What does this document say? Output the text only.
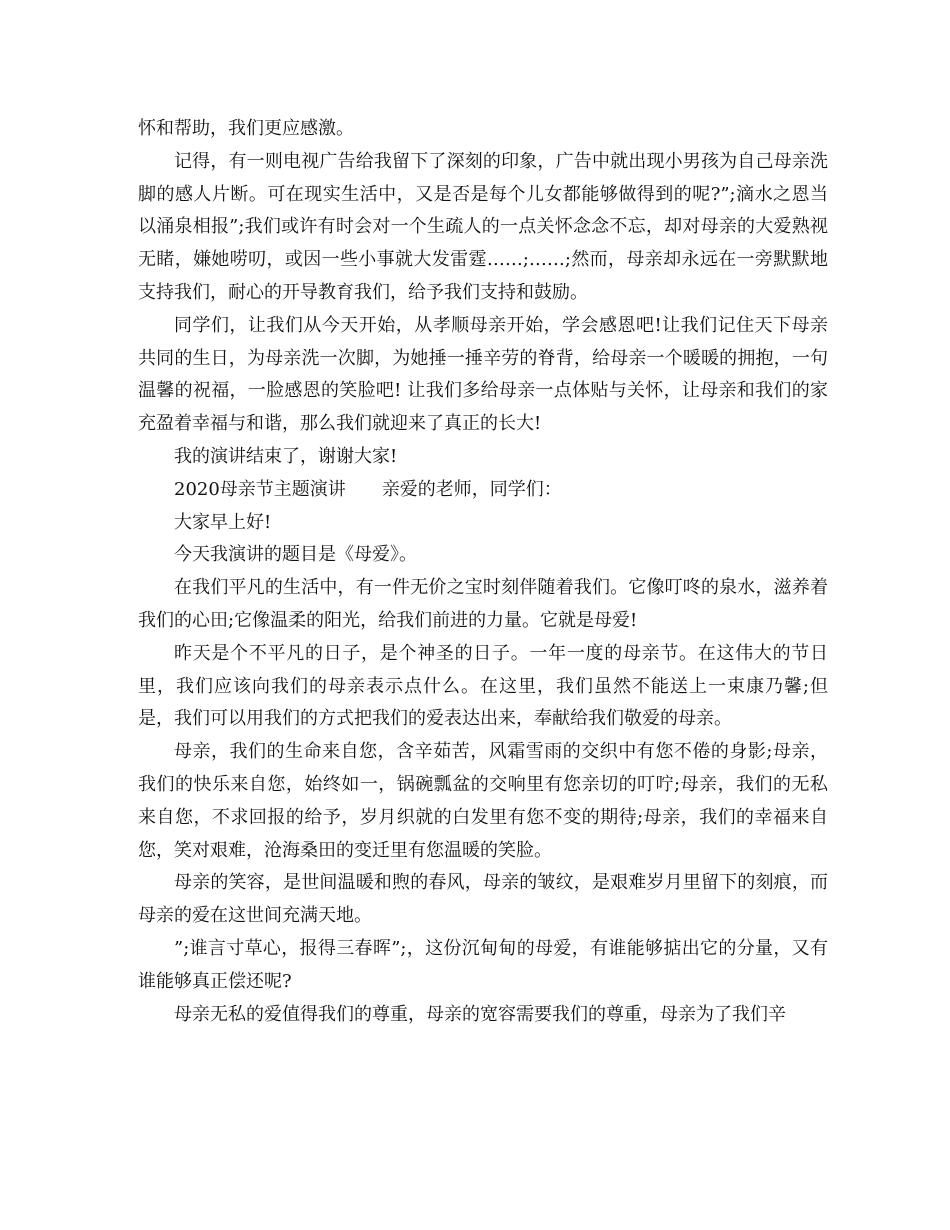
怀和帮助，我们更应感激。

记得，有一则电视广告给我留下了深刻的印象，广告中就出现小男孩为自己母亲洗脚的感人片断。可在现实生活中，又是否是每个儿女都能够做得到的呢?”;滴水之恩当以涌泉相报”;我们或许有时会对一个生疏人的一点关怀念念不忘，却对母亲的大爱熟视无睹，嫌她唠叨，或因一些小事就大发雷霆……;……;然而，母亲却永远在一旁默默地支持我们，耐心的开导教育我们，给予我们支持和鼓励。

同学们，让我们从今天开始，从孝顺母亲开始，学会感恩吧!让我们记住天下母亲共同的生日，为母亲洗一次脚，为她捶一捶辛劳的脊背，给母亲一个暖暖的拥抱，一句温馨的祝福，一脸感恩的笑脸吧! 让我们多给母亲一点体贴与关怀，让母亲和我们的家充盈着幸福与和谐，那么我们就迎来了真正的长大!

我的演讲结束了，谢谢大家!

2020母亲节主题演讲 亲爱的老师，同学们：

大家早上好!

今天我演讲的题目是《母爱》。

在我们平凡的生活中，有一件无价之宝时刻伴随着我们。它像叮咚的泉水，滋养着我们的心田;它像温柔的阳光，给我们前进的力量。它就是母爱!

昨天是个不平凡的日子，是个神圣的日子。一年一度的母亲节。在这伟大的节日里，我们应该向我们的母亲表示点什么。在这里，我们虽然不能送上一束康乃馨;但是，我们可以用我们的方式把我们的爱表达出来，奉献给我们敬爱的母亲。

母亲，我们的生命来自您，含辛茹苦，风霜雪雨的交织中有您不倦的身影;母亲，我们的快乐来自您，始终如一，锅碗瓢盆的交响里有您亲切的叮咛;母亲，我们的无私来自您，不求回报的给予，岁月织就的白发里有您不变的期待;母亲，我们的幸福来自您，笑对艰难，沧海桑田的变迁里有您温暖的笑脸。

母亲的笑容，是世间温暖和煦的春风，母亲的皱纹，是艰难岁月里留下的刻痕，而母亲的爱在这世间充满天地。

”;谁言寸草心，报得三春晖”;，这份沉甸甸的母爱，有谁能够掂出它的分量，又有谁能够真正偿还呢?

母亲无私的爱值得我们的尊重，母亲的宽容需要我们的尊重，母亲为了我们辛
